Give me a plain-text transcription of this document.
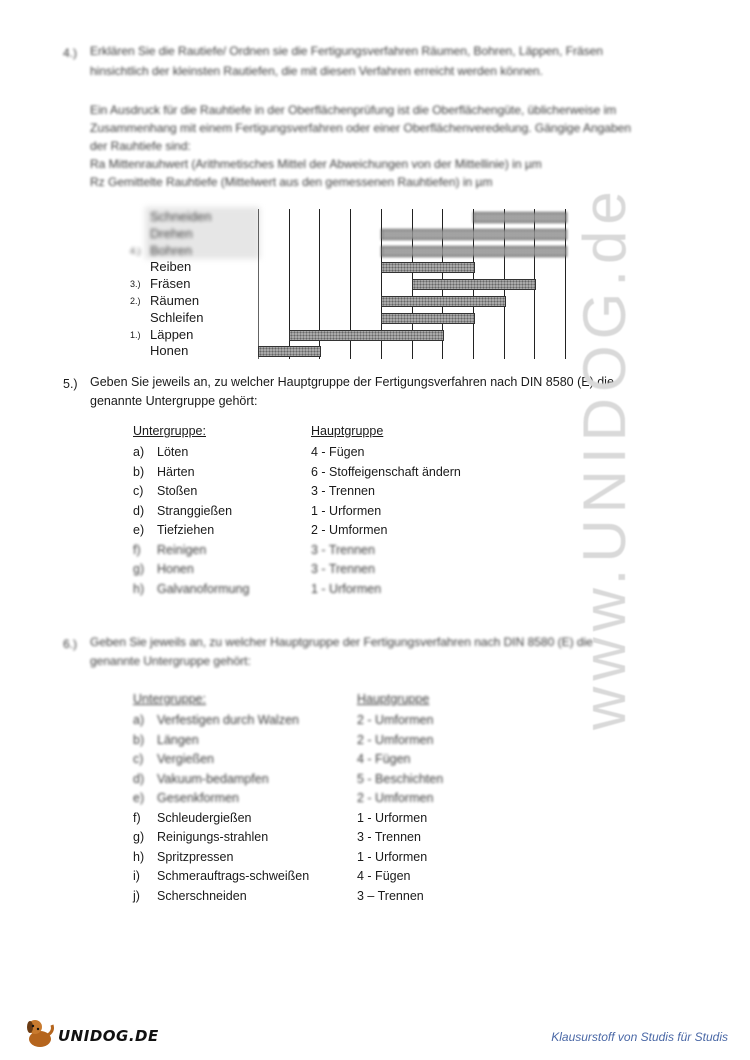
4.) Erklären Sie die Rautiefe/ Ordnen sie die Fertigungsverfahren Räumen, Bohren, Läppen, Fräsen
hinsichtlich der kleinsten Rautiefen, die mit diesen Verfahren erreicht werden können.
Ein Ausdruck für die Rauhtiefe in der Oberflächenprüfung ist die Oberflächengüte, üblicherweise im
Zusammenhang mit einem Fertigungsverfahren oder einer Oberflächenveredelung. Gängige Angaben
der Rauhtiefe sind:
Ra Mittenrauhwert (Arithmetisches Mittel der Abweichungen von der Mittellinie) in µm
Rz Gemittelte Rauhtiefe (Mittelwert aus den gemessenen Rauhtiefen) in µm
Schneiden
Drehen
Bohren
4.)
Reiben
Fräsen
3.)
Räumen
2.)
Schleifen
Läppen
1.)
Honen
5.) Geben Sie jeweils an, zu welcher Hauptgruppe der Fertigungsverfahren nach DIN 8580 (E) die
genannte Untergruppe gehört:
Untergruppe:	Hauptgruppe
a) Löten	4 - Fügen
b) Härten	6 - Stoffeigenschaft ändern
c) Stoßen	3 - Trennen
d) Stranggießen	1 - Urformen
e) Tiefziehen	2 - Umformen
f) Reinigen	3 - Trennen
g) Honen	3 - Trennen
h) Galvanoformung	1 - Urformen
6.) Geben Sie jeweils an, zu welcher Hauptgruppe der Fertigungsverfahren nach DIN 8580 (E) die
genannte Untergruppe gehört:
Untergruppe:	Hauptgruppe
a) Verfestigen durch Walzen	2 - Umformen
b) Längen	2 - Umformen
c) Vergießen	4 - Fügen
d) Vakuum-bedampfen	5 - Beschichten
e) Gesenkformen	2 - Umformen
f) Schleudergießen	1 - Urformen
g) Reinigungs-strahlen	3 - Trennen
h) Spritzpressen	1 - Urformen
i) Schmerauftrags-schweißen	4 - Fügen
j) Scherschneiden	3 – Trennen
www.UNIDOG.de
UNIDOG.DE	Klausurstoff von Studis für Studis
